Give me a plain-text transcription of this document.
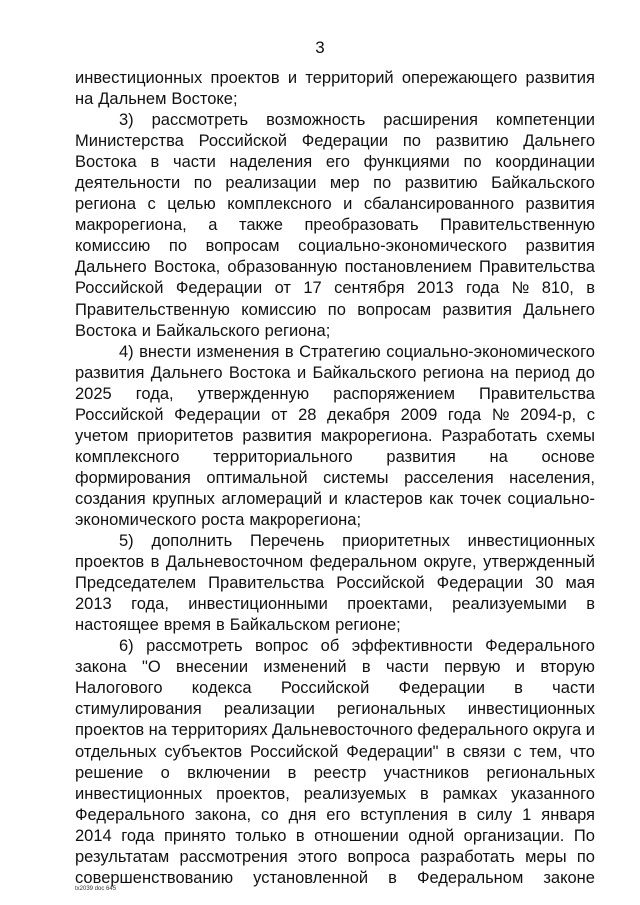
3
инвестиционных проектов и территорий опережающего развития
на Дальнем Востоке;
3) рассмотреть возможность расширения компетенции
Министерства Российской Федерации по развитию Дальнего
Востока в части наделения его функциями по координации
деятельности по реализации мер по развитию Байкальского
региона с целью комплексного и сбалансированного развития
макрорегиона, а также преобразовать Правительственную
комиссию по вопросам социально-экономического развития
Дальнего Востока, образованную постановлением Правительства
Российской Федерации от 17 сентября 2013 года № 810, в
Правительственную комиссию по вопросам развития Дальнего
Востока и Байкальского региона;
4) внести изменения в Стратегию социально-экономического
развития Дальнего Востока и Байкальского региона на период до
2025 года, утвержденную распоряжением Правительства
Российской Федерации от 28 декабря 2009 года № 2094-р, с
учетом приоритетов развития макрорегиона. Разработать схемы
комплексного территориального развития на основе
формирования оптимальной системы расселения населения,
создания крупных агломераций и кластеров как точек социально-
экономического роста макрорегиона;
5) дополнить Перечень приоритетных инвестиционных
проектов в Дальневосточном федеральном округе, утвержденный
Председателем Правительства Российской Федерации 30 мая
2013 года, инвестиционными проектами, реализуемыми в
настоящее время в Байкальском регионе;
6) рассмотреть вопрос об эффективности Федерального
закона "О внесении изменений в части первую и вторую
Налогового кодекса Российской Федерации в части
стимулирования реализации региональных инвестиционных
проектов на территориях Дальневосточного федерального округа и
отдельных субъектов Российской Федерации" в связи с тем, что
решение о включении в реестр участников региональных
инвестиционных проектов, реализуемых в рамках указанного
Федерального закона, со дня его вступления в силу 1 января
2014 года принято только в отношении одной организации. По
результатам рассмотрения этого вопроса разработать меры по
совершенствованию установленной в Федеральном законе
tx2039 doc 645
